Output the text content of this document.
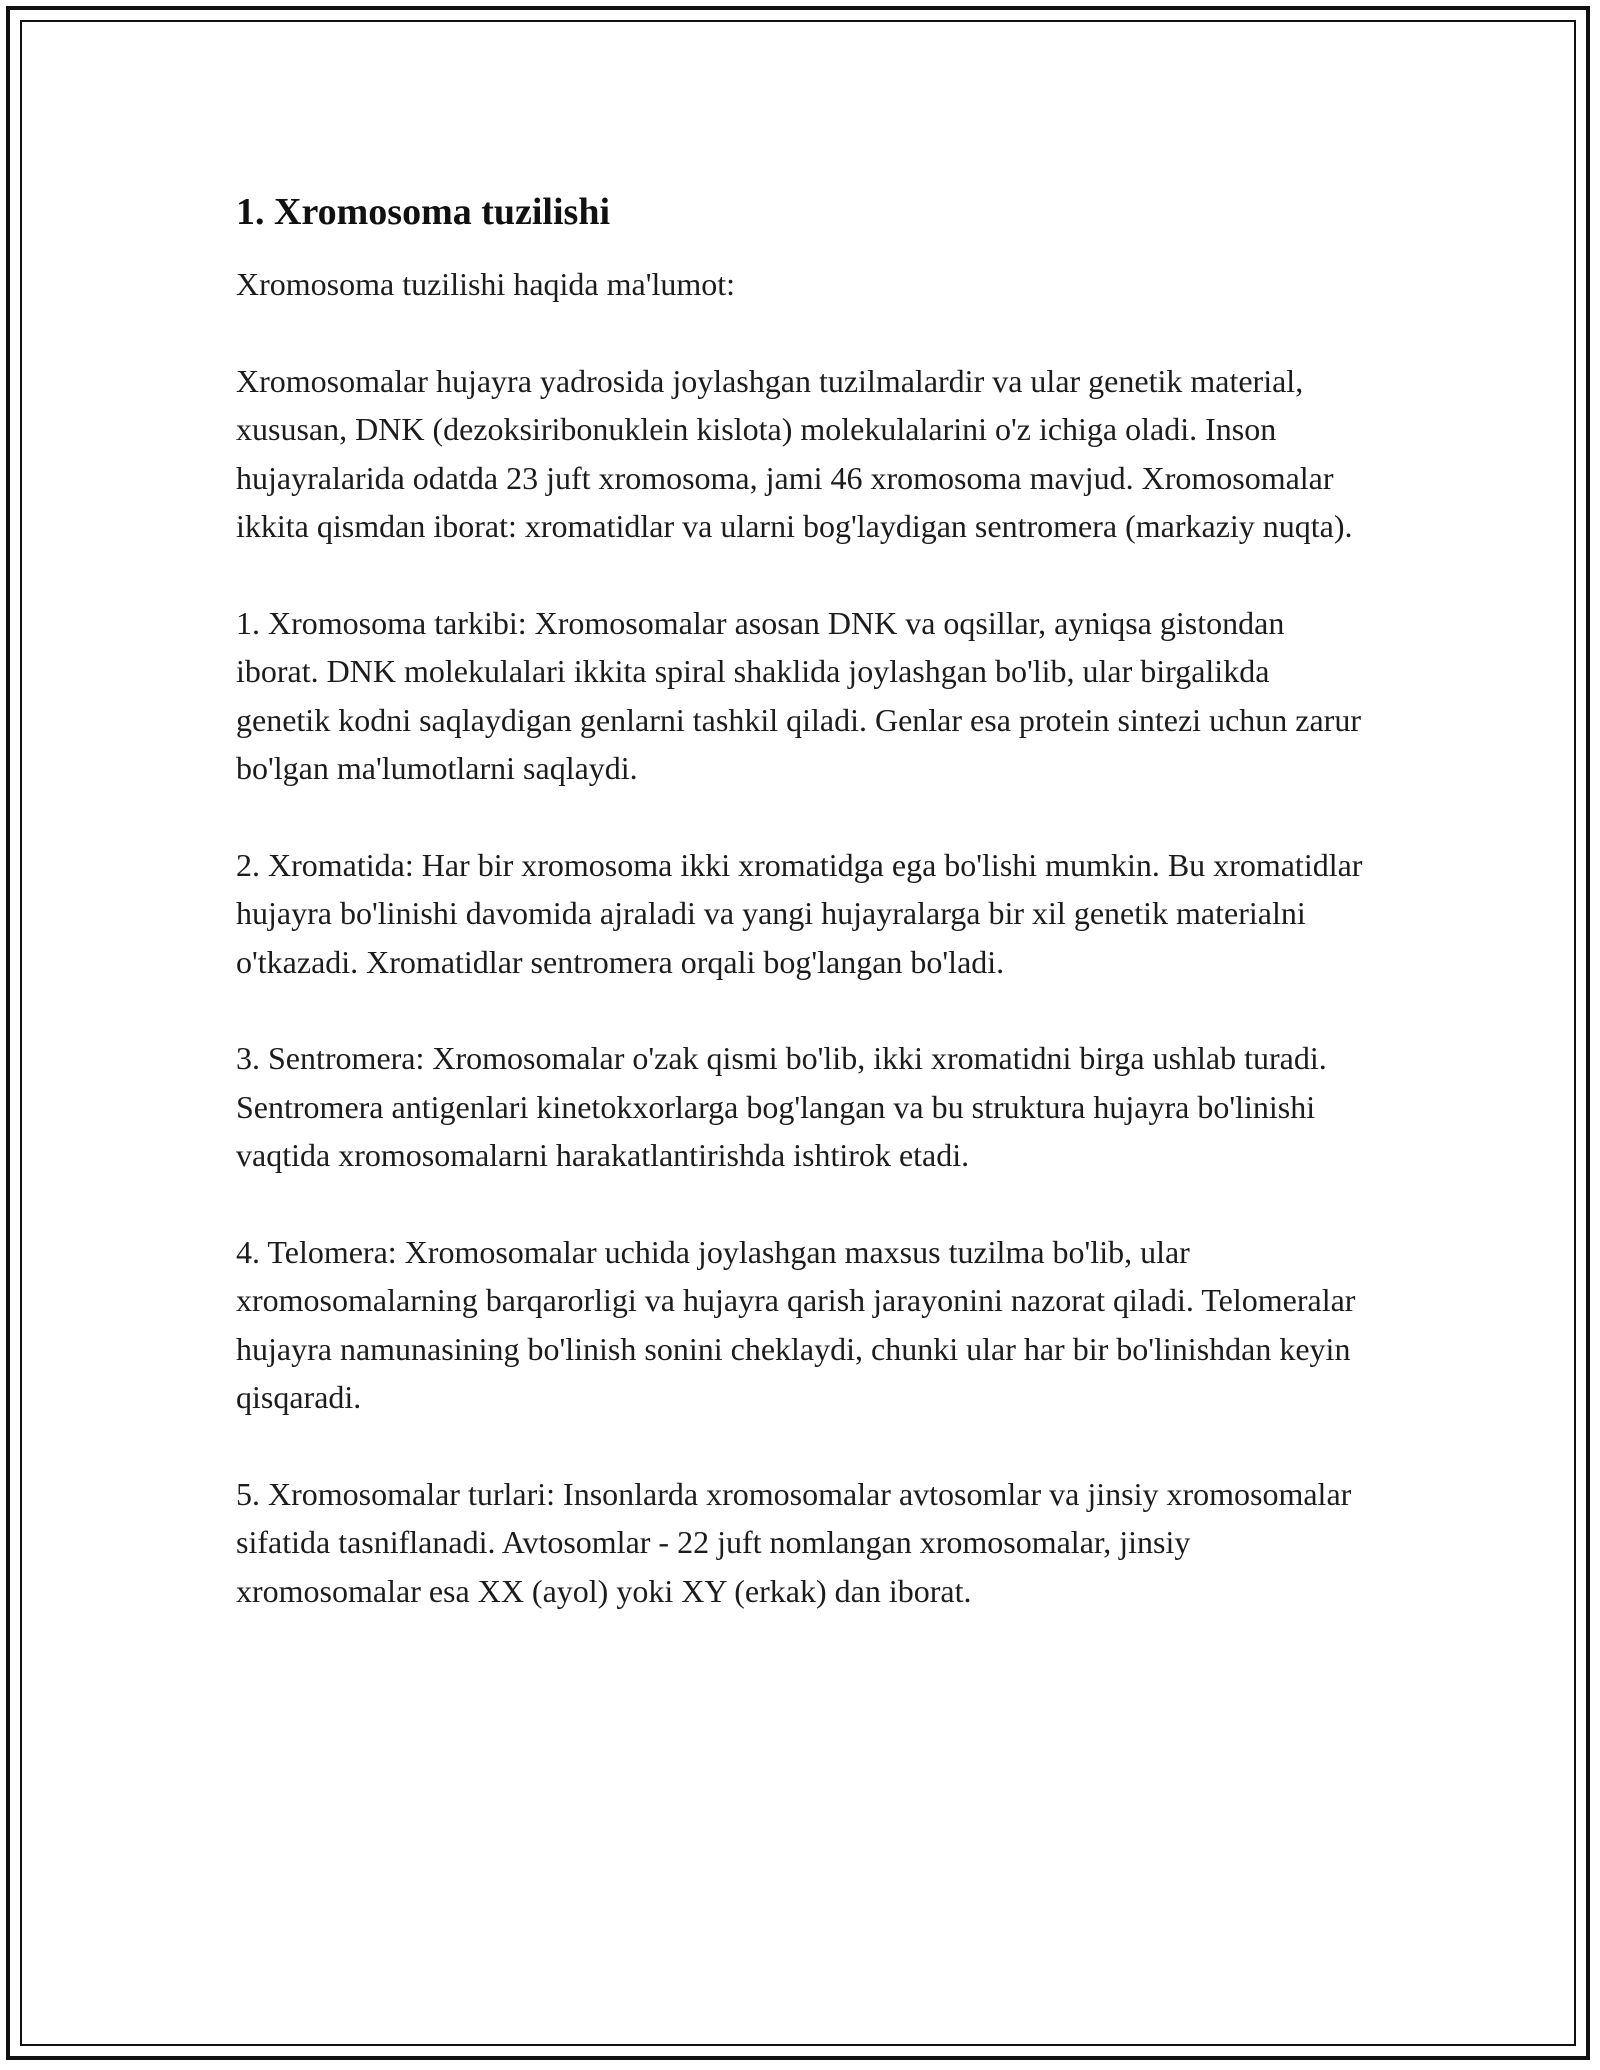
1. Xromosoma tuzilishi

Xromosoma tuzilishi haqida ma'lumot:

Xromosomalar hujayra yadrosida joylashgan tuzilmalardir va ular genetik material, xususan, DNK (dezoksiribonuklein kislota) molekulalarini o'z ichiga oladi. Inson hujayralarida odatda 23 juft xromosoma, jami 46 xromosoma mavjud. Xromosomalar ikkita qismdan iborat: xromatidlar va ularni bog'laydigan sentromera (markaziy nuqta).

1. Xromosoma tarkibi: Xromosomalar asosan DNK va oqsillar, ayniqsa gistondan iborat. DNK molekulalari ikkita spiral shaklida joylashgan bo'lib, ular birgalikda genetik kodni saqlaydigan genlarni tashkil qiladi. Genlar esa protein sintezi uchun zarur bo'lgan ma'lumotlarni saqlaydi.

2. Xromatida: Har bir xromosoma ikki xromatidga ega bo'lishi mumkin. Bu xromatidlar hujayra bo'linishi davomida ajraladi va yangi hujayralarga bir xil genetik materialni o'tkazadi. Xromatidlar sentromera orqali bog'langan bo'ladi.

3. Sentromera: Xromosomalar o'zak qismi bo'lib, ikki xromatidni birga ushlab turadi. Sentromera antigenlari kinetokxorlarga bog'langan va bu struktura hujayra bo'linishi vaqtida xromosomalarni harakatlantirishda ishtirok etadi.

4. Telomera: Xromosomalar uchida joylashgan maxsus tuzilma bo'lib, ular xromosomalarning barqarorligi va hujayra qarish jarayonini nazorat qiladi. Telomeralar hujayra namunasining bo'linish sonini cheklaydi, chunki ular har bir bo'linishdan keyin qisqaradi.

5. Xromosomalar turlari: Insonlarda xromosomalar avtosomlar va jinsiy xromosomalar sifatida tasniflanadi. Avtosomlar - 22 juft nomlangan xromosomalar, jinsiy xromosomalar esa XX (ayol) yoki XY (erkak) dan iborat.
